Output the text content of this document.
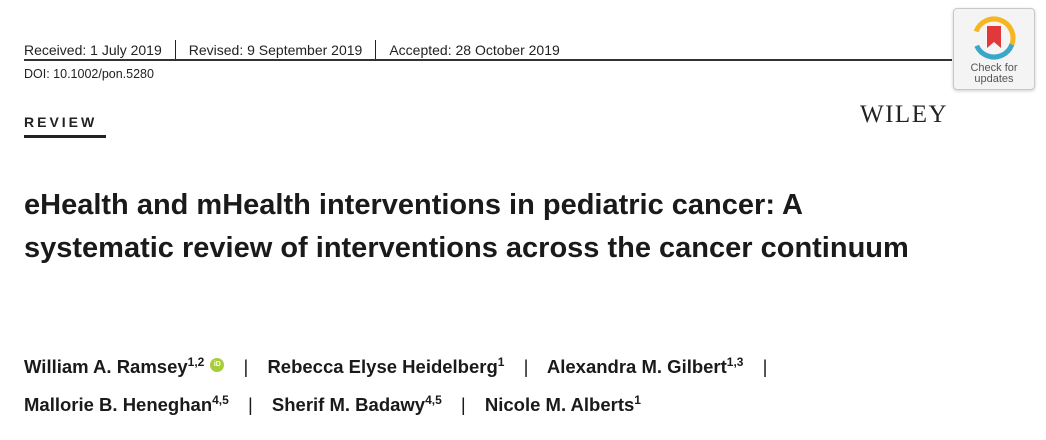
Received: 1 July 2019 Revised: 9 September 2019 Accepted: 28 October 2019
DOI: 10.1002/pon.5280	Check for
updates
REVIEW	WILEY
eHealth and mHealth interventions in pediatric cancer: A systematic review of interventions across the cancer continuum
William A. Ramsey$^{1,2}$	iD | Rebecca Elyse Heidelberg$^1$ | Alexandra M. Gilbert$^{1,3}$ |
Mallorie B. Heneghan$^{4,5}$ | Sherif M. Badawy$^{4,5}$ | Nicole M. Alberts$^1$
